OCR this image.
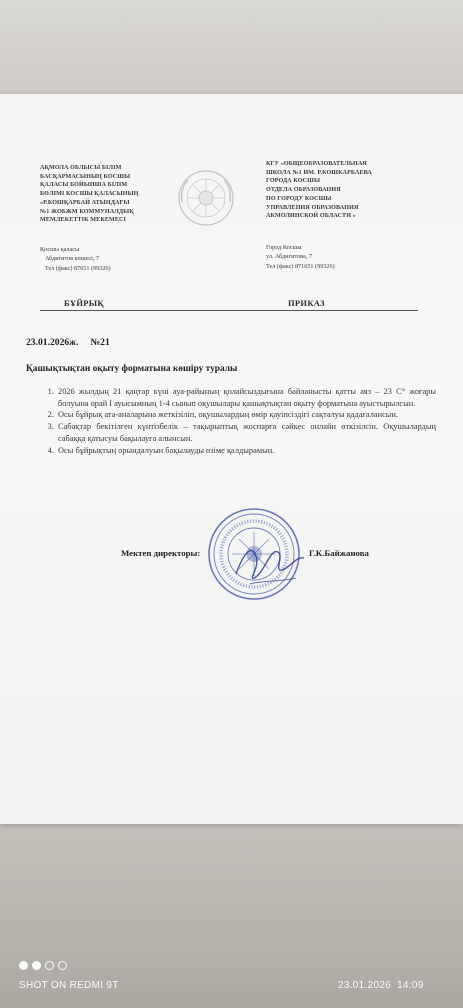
АҚМОЛА ОБЛЫСЫ БІЛІМ
БАСҚАРМАСЫНЫҢ КОСШЫ
ҚАЛАСЫ БОЙЫНША БІЛІМ
БӨЛІМІ КОСШЫ ҚАЛАСЫНЫҢ
«Р.КОШҚАРБАЙ АТЫНДАҒЫ
№1 ЖОБЖМ КОММУНАЛДЫҚ
МЕМЛЕКЕТТІК МЕКЕМЕСІ
КГУ «ОБЩЕОБРАЗОВАТЕЛЬНАЯ
ШКОЛА №1 ИМ. Р.КОШКАРБАЕВА
ГОРОДА КОСШЫ
ОТДЕЛА ОБРАЗОВАНИЯ
ПО ГОРОДУ КОСШЫ
УПРАВЛЕНИЯ ОБРАЗОВАНИЯ
АКМОЛИНСКОЙ ОБЛАСТИ »
Қосшы қаласы
Абдигитов көшесі, 7
Тел (факс) 87651 (99326)
Город Косшы
ул. Абдигитова, 7
Тел (факс) 871651 (99326)
БҰЙРЫҚ	ПРИКАЗ
23.01.2026ж. №21
Қашықтықтан оқыту форматына көшіру туралы
1. 2026 жылдың 21 қаңтар күні ауа-райының қолайсыздығына байланысты қатты аяз – 23 С° жоғары болуына орай І ауысымның 1-4 сынып оқушылары қашықтықтан оқыту форматына ауыстырылсын.
2. Осы бұйрық ата-аналарына жеткізіліп, оқушылардың өмір қауіпсіздігі сақталуы қадағалансын.
3. Сабақтар бекітілген күнтізбелік – тақырыптық жоспарға сәйкес онлайн өткізілсін. Оқушылардың сабаққа қатысуы бақылауға алынсын.
4. Осы бұйрықтың орындалуын бақылауды өзіме қалдырамын.
Мектеп директоры:	Г.К.Байжанова
SHOT ON REDMI 9T	23.01.2026 14:09
